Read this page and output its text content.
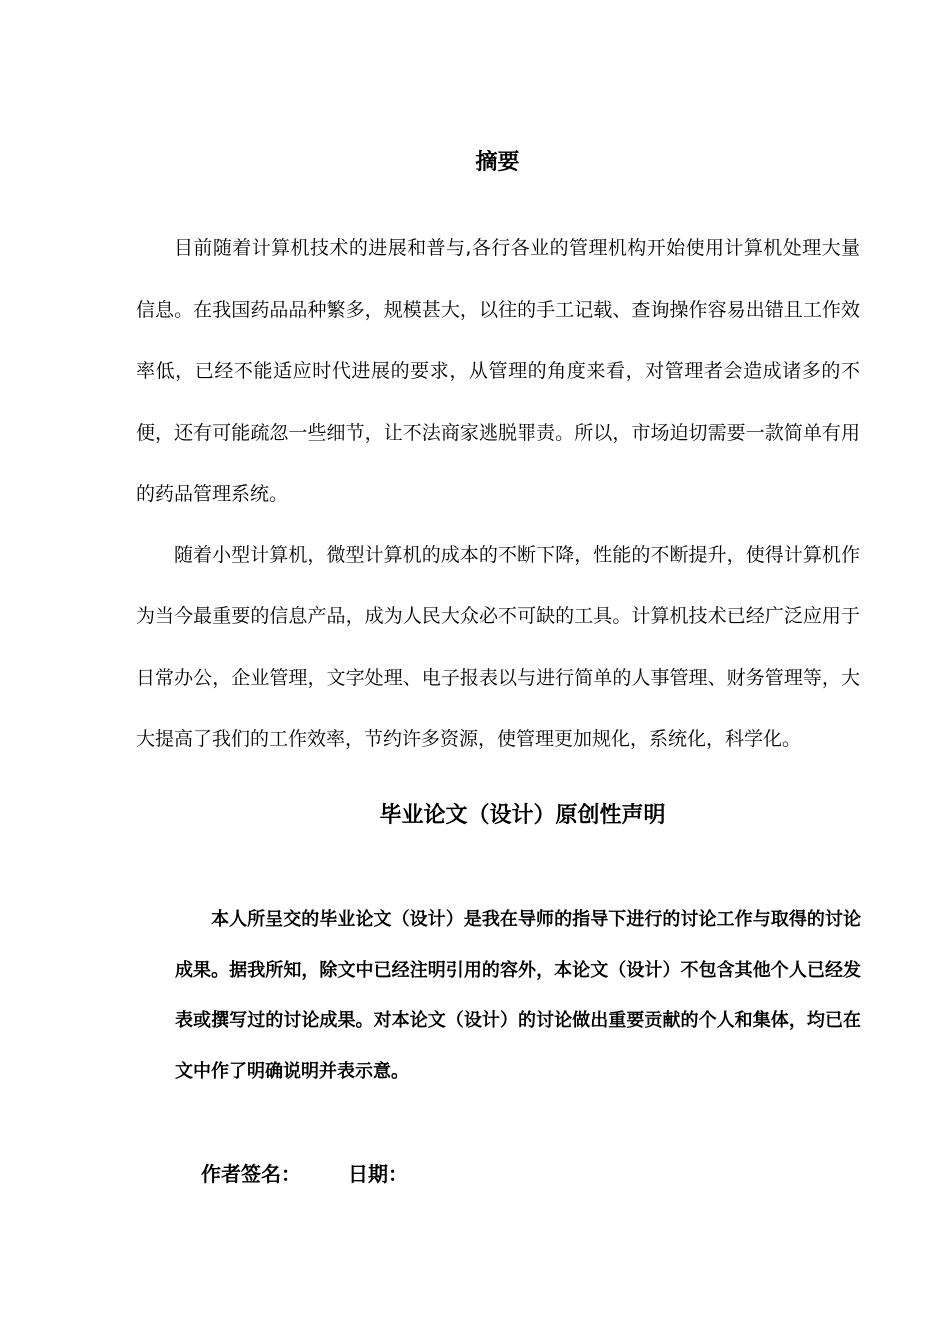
摘要

目前随着计算机技术的进展和普与,各行各业的管理机构开始使用计算机处理大量信息。在我国药品品种繁多，规模甚大，以往的手工记载、查询操作容易出错且工作效率低，已经不能适应时代进展的要求，从管理的角度来看，对管理者会造成诸多的不便，还有可能疏忽一些细节，让不法商家逃脱罪责。所以，市场迫切需要一款简单有用的药品管理系统。

随着小型计算机，微型计算机的成本的不断下降，性能的不断提升，使得计算机作为当今最重要的信息产品，成为人民大众必不可缺的工具。计算机技术已经广泛应用于日常办公，企业管理，文字处理、电子报表以与进行简单的人事管理、财务管理等，大大提高了我们的工作效率，节约许多资源，使管理更加规化，系统化，科学化。

毕业论文（设计）原创性声明

本人所呈交的毕业论文（设计）是我在导师的指导下进行的讨论工作与取得的讨论成果。据我所知，除文中已经注明引用的容外，本论文（设计）不包含其他个人已经发表或撰写过的讨论成果。对本论文（设计）的讨论做出重要贡献的个人和集体，均已在文中作了明确说明并表示意。

作者签名： 日期：
